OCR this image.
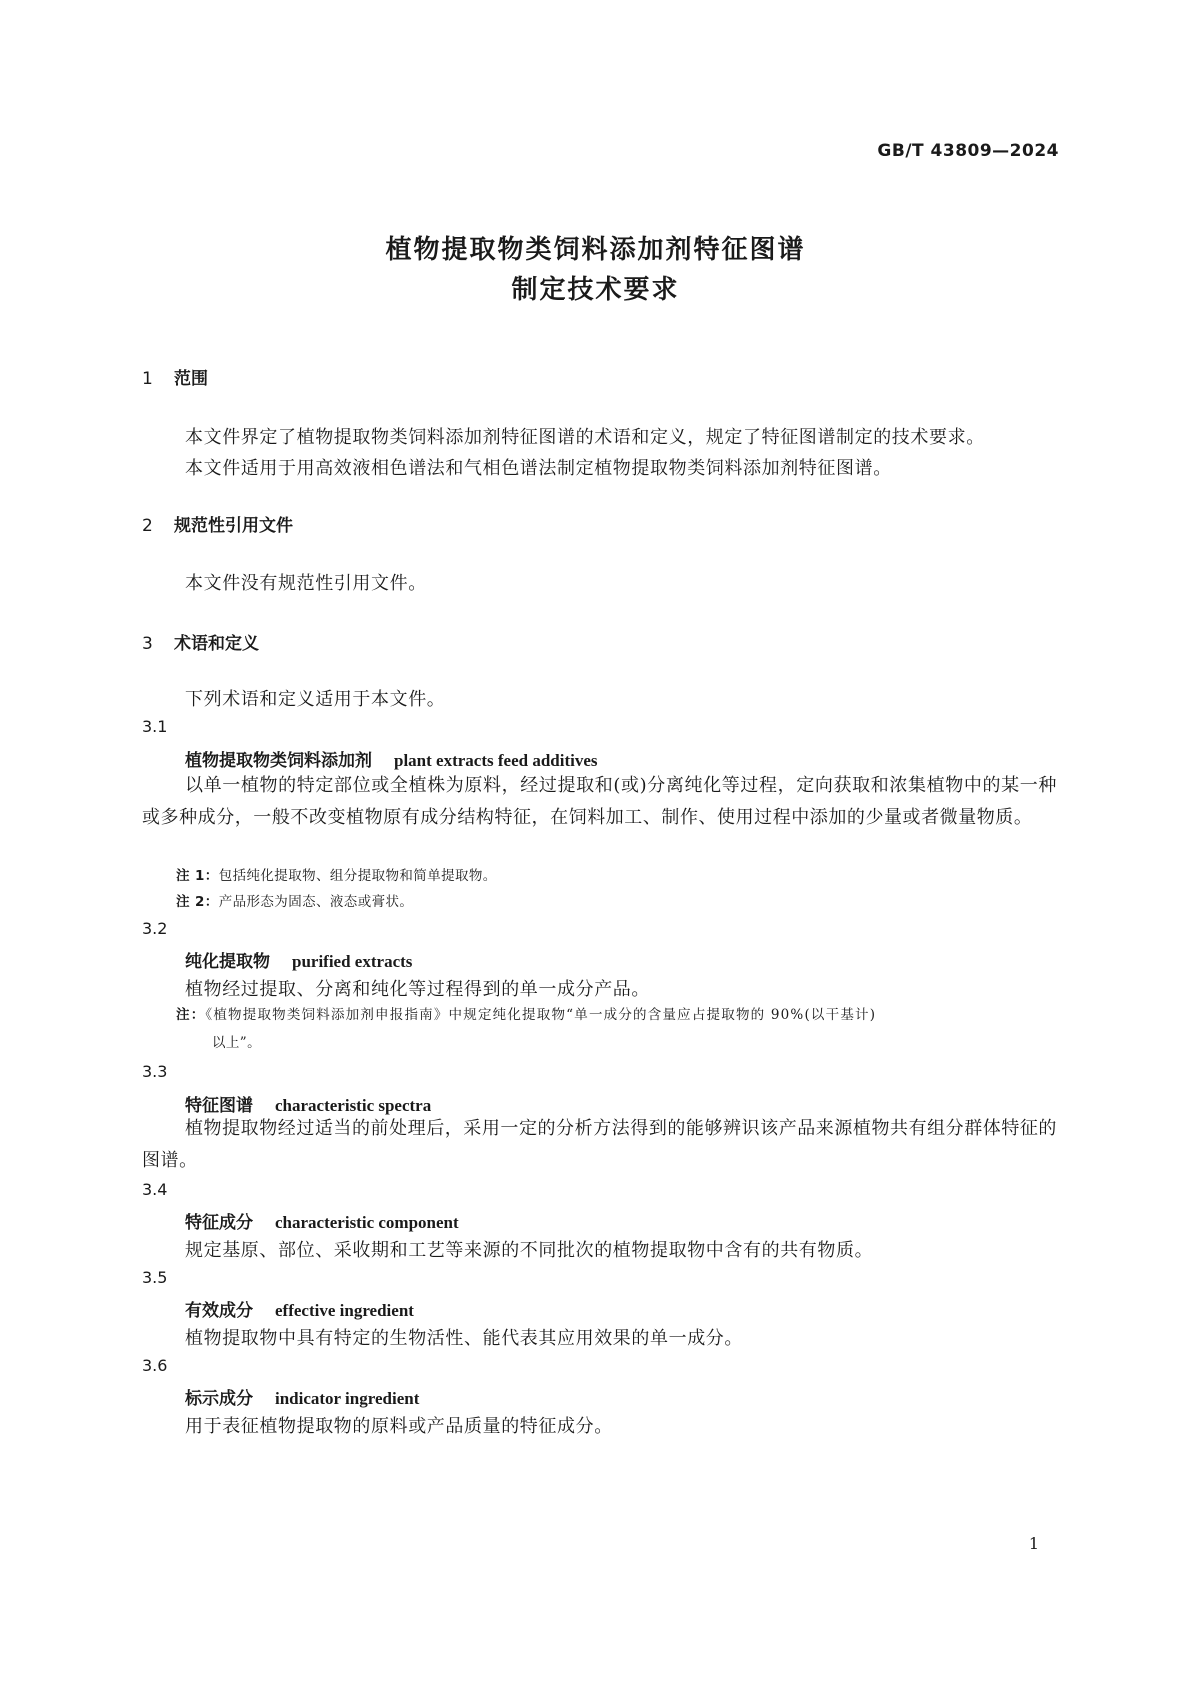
GB/T 43809—2024
植物提取物类饲料添加剂特征图谱
制定技术要求
1 范围
本文件界定了植物提取物类饲料添加剂特征图谱的术语和定义，规定了特征图谱制定的技术要求。
本文件适用于用高效液相色谱法和气相色谱法制定植物提取物类饲料添加剂特征图谱。
2 规范性引用文件
本文件没有规范性引用文件。
3 术语和定义
下列术语和定义适用于本文件。
3.1
植物提取物类饲料添加剂 plant extracts feed additives
以单一植物的特定部位或全植株为原料，经过提取和(或)分离纯化等过程，定向获取和浓集植物中的某一种或多种成分，一般不改变植物原有成分结构特征，在饲料加工、制作、使用过程中添加的少量或者微量物质。
注 1：包括纯化提取物、组分提取物和简单提取物。
注 2：产品形态为固态、液态或膏状。
3.2
纯化提取物 purified extracts
植物经过提取、分离和纯化等过程得到的单一成分产品。
注：《植物提取物类饲料添加剂申报指南》中规定纯化提取物“单一成分的含量应占提取物的 90%(以干基计)
以上”。
3.3
特征图谱 characteristic spectra
植物提取物经过适当的前处理后，采用一定的分析方法得到的能够辨识该产品来源植物共有组分群体特征的图谱。
3.4
特征成分 characteristic component
规定基原、部位、采收期和工艺等来源的不同批次的植物提取物中含有的共有物质。
3.5
有效成分 effective ingredient
植物提取物中具有特定的生物活性、能代表其应用效果的单一成分。
3.6
标示成分 indicator ingredient
用于表征植物提取物的原料或产品质量的特征成分。
1
